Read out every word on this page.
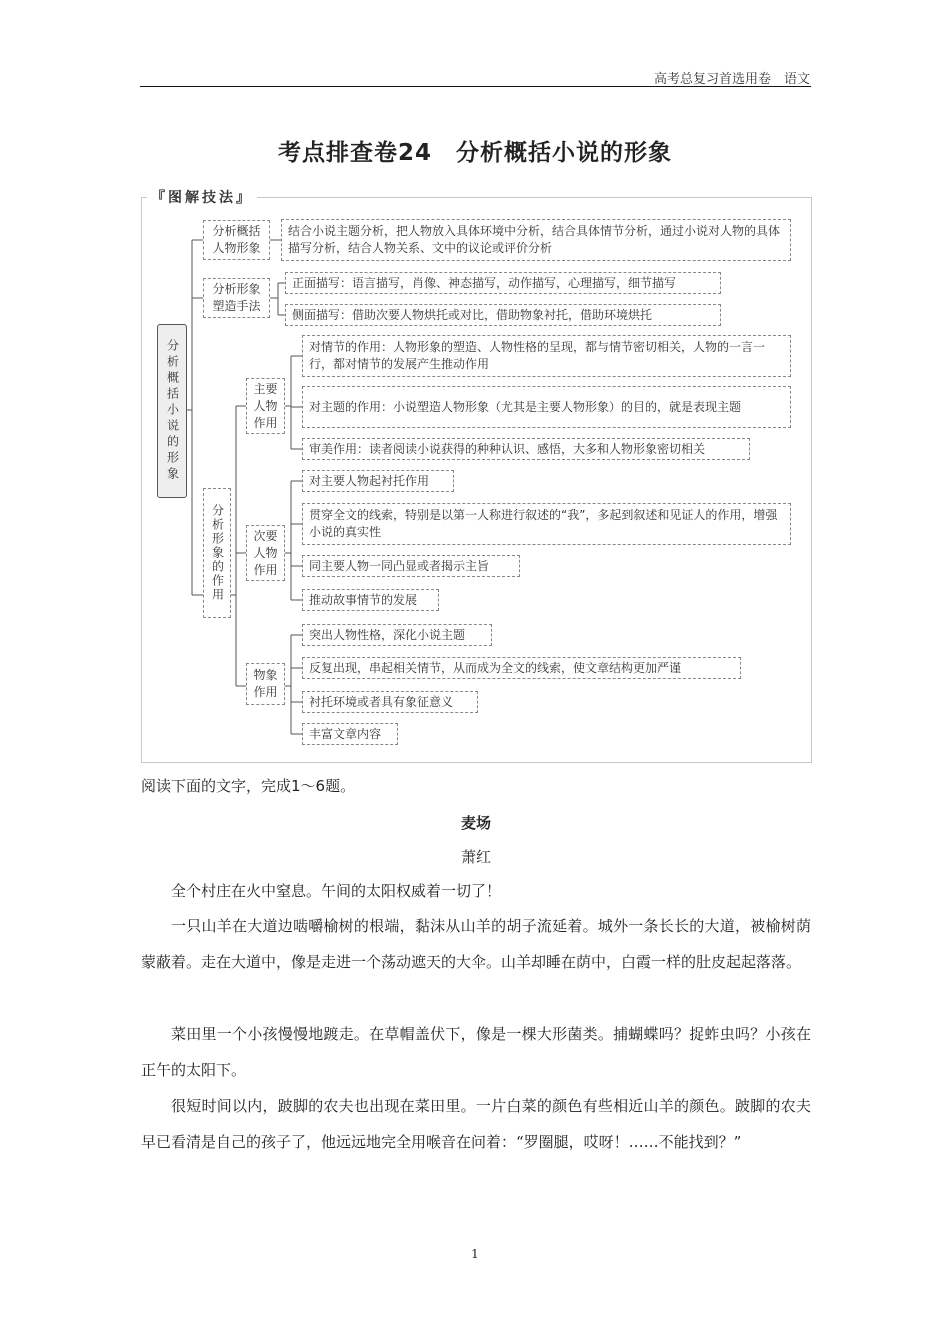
高考总复习首选用卷　语文
考点排查卷24　分析概括小说的形象
『图解技法』
分析概括小说的形象
分析概括人物形象
结合小说主题分析，把人物放入具体环境中分析，结合具体情节分析，通过小说对人物的具体描写分析，结合人物关系、文中的议论或评价分析
分析形象塑造手法
正面描写：语言描写，肖像、神态描写，动作描写，心理描写，细节描写
侧面描写：借助次要人物烘托或对比，借助物象衬托，借助环境烘托
分析形象的作用
主要人物作用
对情节的作用：人物形象的塑造、人物性格的呈现，都与情节密切相关，人物的一言一行，都对情节的发展产生推动作用
对主题的作用：小说塑造人物形象（尤其是主要人物形象）的目的，就是表现主题
审美作用：读者阅读小说获得的种种认识、感悟，大多和人物形象密切相关
次要人物作用
对主要人物起衬托作用
贯穿全文的线索，特别是以第一人称进行叙述的“我”，多起到叙述和见证人的作用，增强小说的真实性
同主要人物一同凸显或者揭示主旨
推动故事情节的发展
物象作用
突出人物性格，深化小说主题
反复出现，串起相关情节，从而成为全文的线索，使文章结构更加严谨
衬托环境或者具有象征意义
丰富文章内容
阅读下面的文字，完成1～6题。
麦场
萧红
全个村庄在火中窒息。午间的太阳权威着一切了！
一只山羊在大道边啮嚼榆树的根端，黏沫从山羊的胡子流延着。城外一条长长的大道，被榆树荫蒙蔽着。走在大道中，像是走进一个荡动遮天的大伞。山羊却睡在荫中，白霞一样的肚皮起起落落。
菜田里一个小孩慢慢地踱走。在草帽盖伏下，像是一棵大形菌类。捕蝴蝶吗？捉蚱虫吗？小孩在正午的太阳下。
很短时间以内，跛脚的农夫也出现在菜田里。一片白菜的颜色有些相近山羊的颜色。跛脚的农夫早已看清是自己的孩子了，他远远地完全用喉音在问着：“罗圈腿，哎呀！……不能找到？”
1
